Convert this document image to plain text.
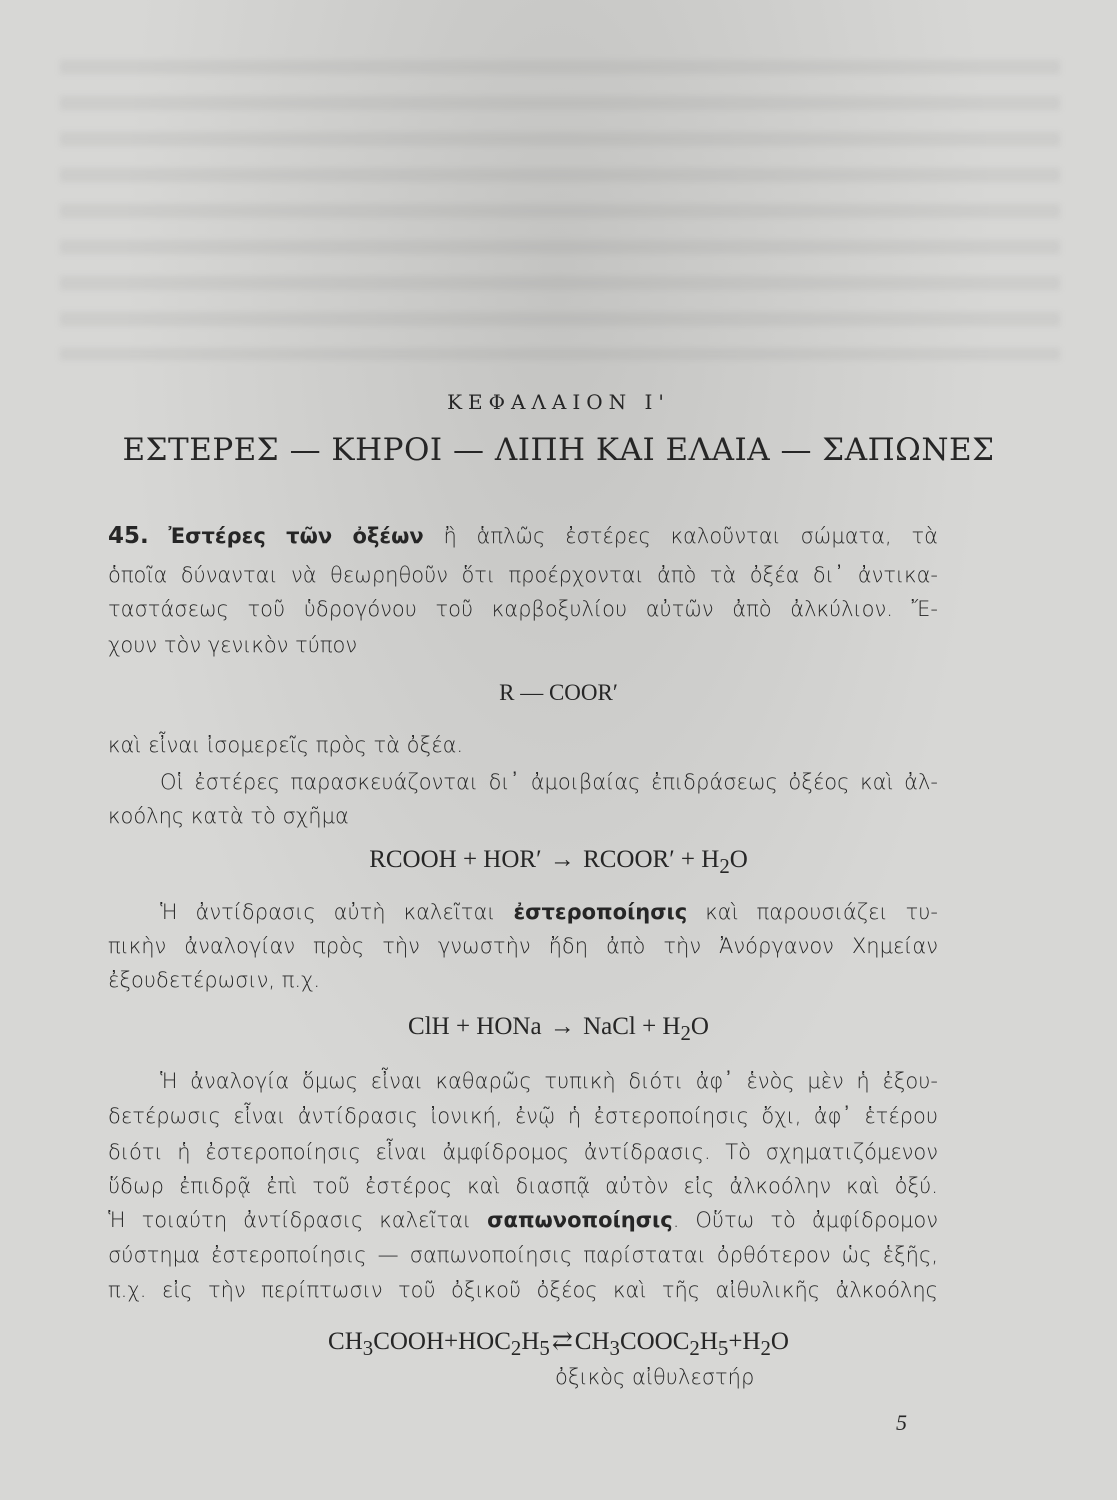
ΚΕΦΑΛΑΙΟΝ Ι'
ΕΣΤΕΡΕΣ — ΚΗΡΟΙ — ΛΙΠΗ ΚΑΙ ΕΛΑΙΑ — ΣΑΠΩΝΕΣ
45. Ἐστέρες τῶν ὀξέων ἢ ἁπλῶς ἐστέρες καλοῦνται σώματα, τὰ
ὁποῖα δύνανται νὰ θεωρηθοῦν ὅτι προέρχονται ἀπὸ τὰ ὀξέα δι᾽ ἀντικα-
ταστάσεως τοῦ ὑδρογόνου τοῦ καρβοξυλίου αὐτῶν ἀπὸ ἀλκύλιον. Ἔ-
χουν τὸν γενικὸν τύπον
R — COOR′
καὶ εἶναι ἰσομερεῖς πρὸς τὰ ὀξέα.
Οἱ ἐστέρες παρασκευάζονται δι᾽ ἀμοιβαίας ἐπιδράσεως ὀξέος καὶ ἀλ-
κοόλης κατὰ τὸ σχῆμα
RCOOH + HOR′ → RCOOR′ + $H_2O$
Ἡ ἀντίδρασις αὐτὴ καλεῖται ἐστεροποίησις καὶ παρουσιάζει τυ-
πικὴν ἀναλογίαν πρὸς τὴν γνωστὴν ἤδη ἀπὸ τὴν Ἀνόργανον Χημείαν
ἐξουδετέρωσιν, π.χ.
ClH + HONa → NaCl + $H_2O$
Ἡ ἀναλογία ὅμως εἶναι καθαρῶς τυπικὴ διότι ἀφ᾽ ἑνὸς μὲν ἡ ἐξου-
δετέρωσις εἶναι ἀντίδρασις ἰονική, ἐνῷ ἡ ἐστεροποίησις ὄχι, ἀφ᾽ ἑτέρου
διότι ἡ ἐστεροποίησις εἶναι ἀμφίδρομος ἀντίδρασις. Τὸ σχηματιζόμενον
ὕδωρ ἐπιδρᾷ ἐπὶ τοῦ ἐστέρος καὶ διασπᾷ αὐτὸν εἰς ἀλκοόλην καὶ ὀξύ.
Ἡ τοιαύτη ἀντίδρασις καλεῖται σαπωνοποίησις. Οὕτω τὸ ἀμφίδρομον
σύστημα ἐστεροποίησις — σαπωνοποίησις παρίσταται ὀρθότερον ὡς ἑξῆς,
π.χ. εἰς τὴν περίπτωσιν τοῦ ὀξικοῦ ὀξέος καὶ τῆς αἰθυλικῆς ἀλκοόλης
$CH_3COOH+HOC_2H_5⇄CH_3COOC_2H_5+H_2O$
ὀξικὸς αἰθυλεστήρ
5
